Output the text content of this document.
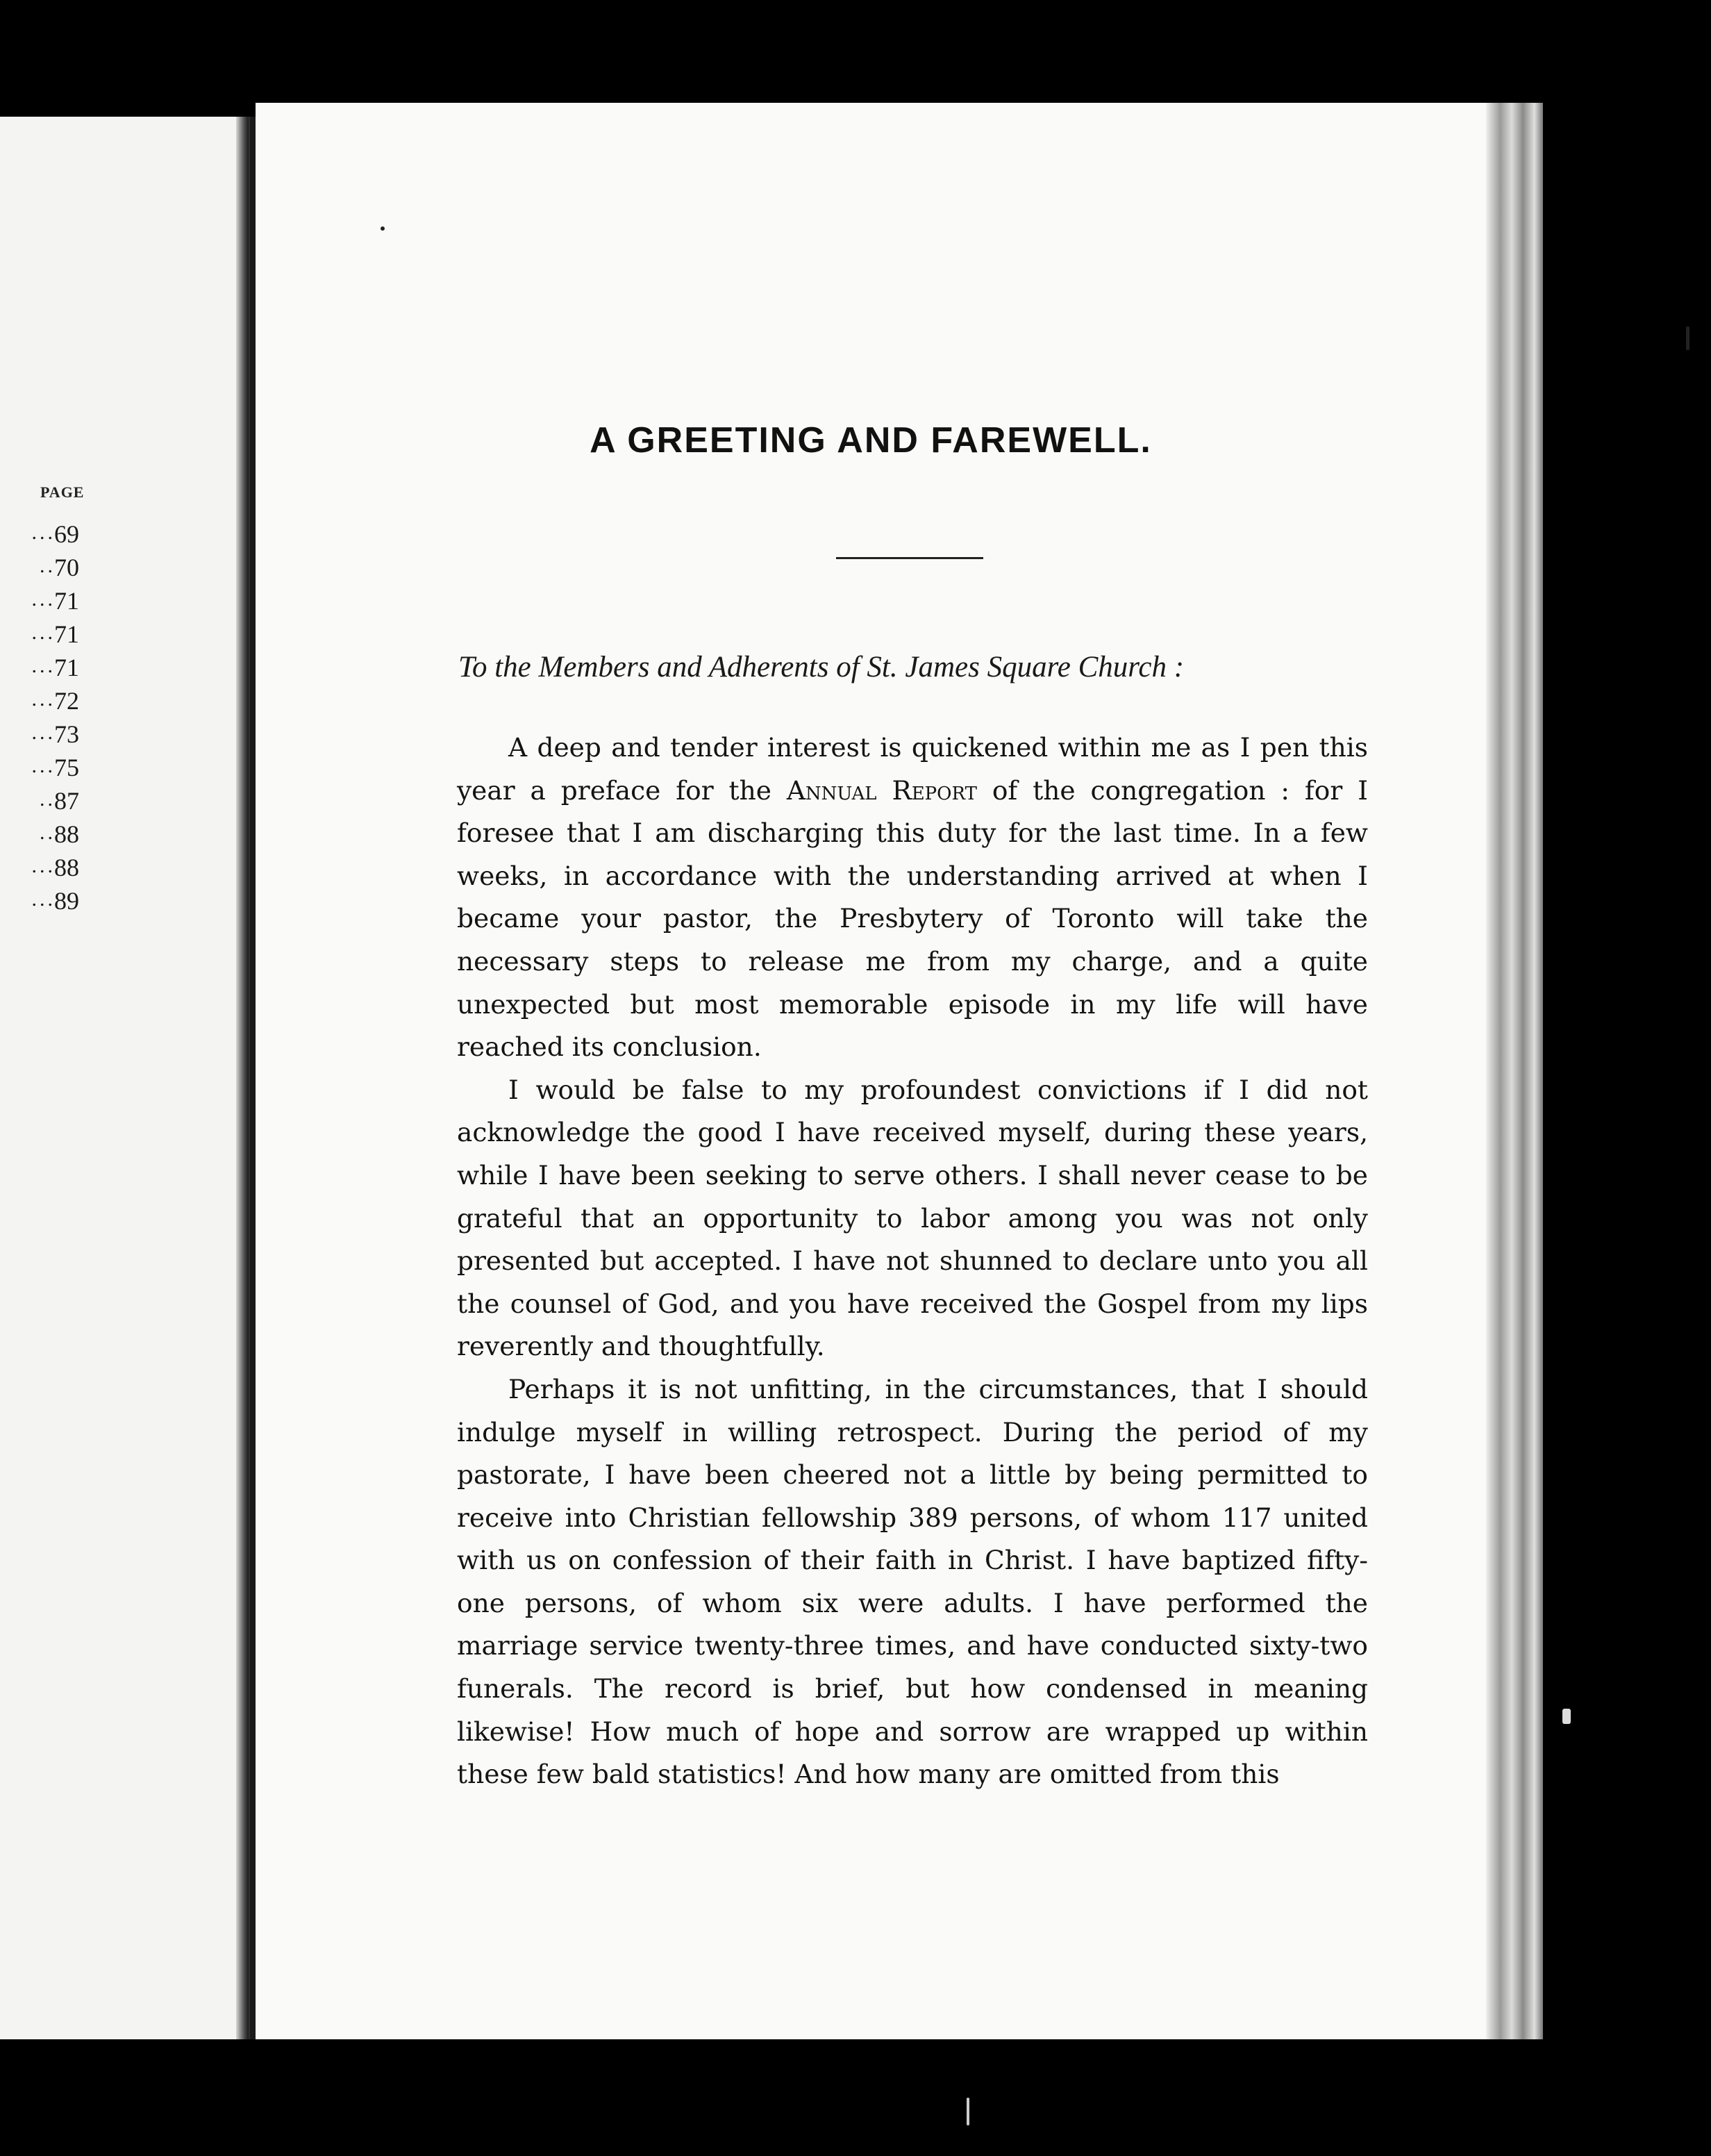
PAGE
...
69
..
70
...
71
...
71
...
71
...
72
...
73
...
75
..
87
..
88
...
88
...
89
A GREETING AND FAREWELL.

To the Members and Adherents of St. James Square Church :

A deep and tender interest is quickened within me as I pen this year a preface for the Annual Report of the congregation : for I foresee that I am discharging this duty for the last time. In a few weeks, in accordance with the understanding arrived at when I became your pastor, the Presbytery of Toronto will take the necessary steps to release me from my charge, and a quite unexpected but most memorable episode in my life will have reached its conclusion.

I would be false to my profoundest convictions if I did not acknowledge the good I have received myself, during these years, while I have been seeking to serve others. I shall never cease to be grateful that an opportunity to labor among you was not only presented but accepted. I have not shunned to declare unto you all the counsel of God, and you have received the Gospel from my lips reverently and thoughtfully.

Perhaps it is not unfitting, in the circumstances, that I should indulge myself in willing retrospect. During the period of my pastorate, I have been cheered not a little by being permitted to receive into Christian fellowship 389 persons, of whom 117 united with us on confession of their faith in Christ. I have baptized fifty-one persons, of whom six were adults. I have performed the marriage service twenty-three times, and have conducted sixty-two funerals. The record is brief, but how condensed in meaning likewise! How much of hope and sorrow are wrapped up within these few bald statistics! And how many are omitted from this
